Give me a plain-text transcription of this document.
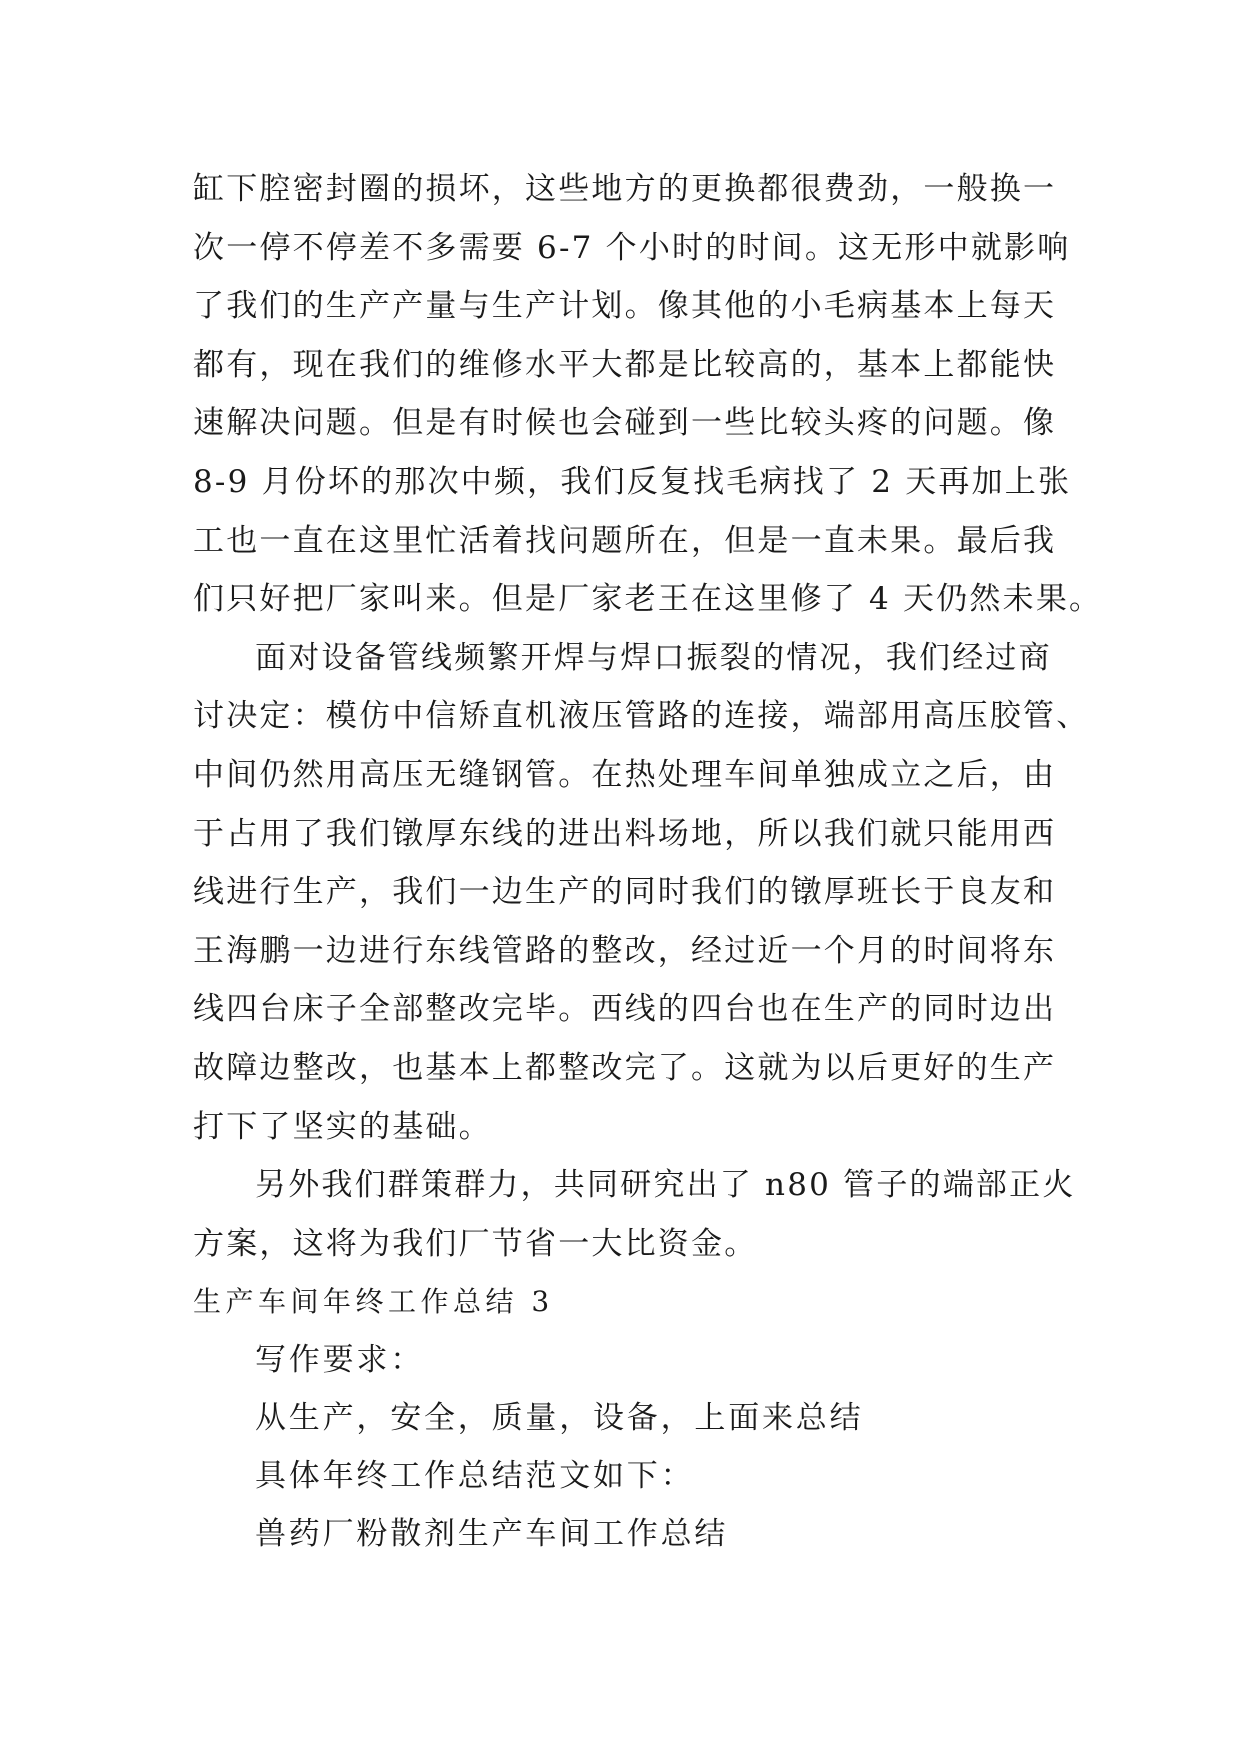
缸下腔密封圈的损坏，这些地方的更换都很费劲，一般换一
次一停不停差不多需要 6-7 个小时的时间。这无形中就影响
了我们的生产产量与生产计划。像其他的小毛病基本上每天
都有，现在我们的维修水平大都是比较高的，基本上都能快
速解决问题。但是有时候也会碰到一些比较头疼的问题。像
8-9 月份坏的那次中频，我们反复找毛病找了 2 天再加上张
工也一直在这里忙活着找问题所在，但是一直未果。最后我
们只好把厂家叫来。但是厂家老王在这里修了 4 天仍然未果。
面对设备管线频繁开焊与焊口振裂的情况，我们经过商
讨决定：模仿中信矫直机液压管路的连接，端部用高压胶管、
中间仍然用高压无缝钢管。在热处理车间单独成立之后，由
于占用了我们镦厚东线的进出料场地，所以我们就只能用西
线进行生产，我们一边生产的同时我们的镦厚班长于良友和
王海鹏一边进行东线管路的整改，经过近一个月的时间将东
线四台床子全部整改完毕。西线的四台也在生产的同时边出
故障边整改，也基本上都整改完了。这就为以后更好的生产
打下了坚实的基础。
另外我们群策群力，共同研究出了 n80 管子的端部正火
方案，这将为我们厂节省一大比资金。

生产车间年终工作总结 3

写作要求：

从生产，安全，质量，设备，上面来总结

具体年终工作总结范文如下：

兽药厂粉散剂生产车间工作总结
